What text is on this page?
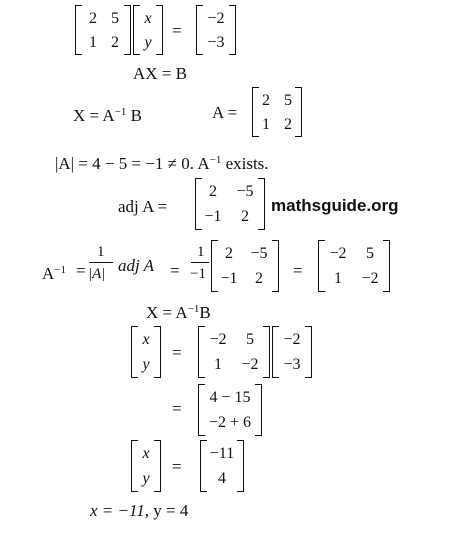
2 5
1 2
x
y
=
−2
−3
AX = B
$X = A^{-1}$ B	A =
2 5
1 2
|A| = 4 − 5 = −1 ≠ 0. $A^{-1}$ exists.
adj A =
2	−5
−1	2
mathsguide.org
$A^{-1}$ =
1
|A| adj A =
1
−1
2	−5
−1	2	=
−2	5
1	−2
$X = A^{-1}B$
x
y
=
−2	5
1	−2
−2
−3
=
4 − 15
−2 + 6
x
y
=
−11
4
x = −11, y = 4
